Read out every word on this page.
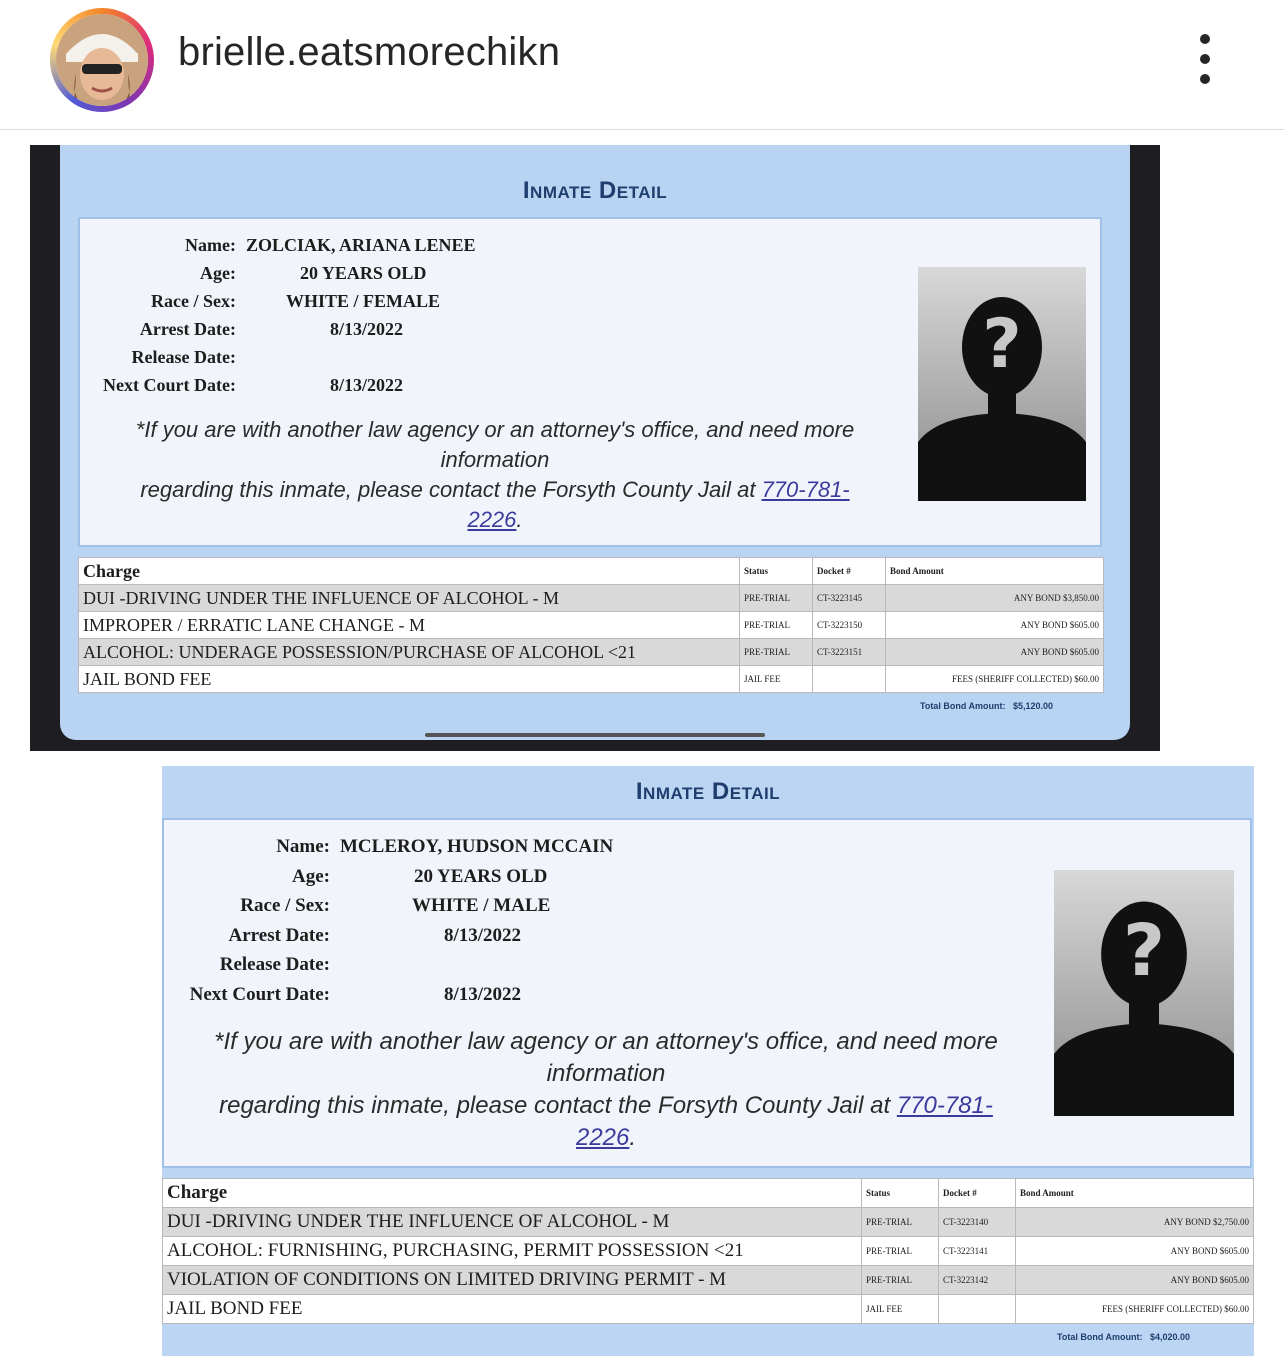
brielle.eatsmorechikn
Inmate Detail
Name: ZOLCIAK, ARIANA LENEE
Age:	20 YEARS OLD
Race / Sex:	WHITE / FEMALE
Arrest Date:	8/13/2022
Release Date:
Next Court Date:	8/13/2022
*If you are with another law agency or an attorney's office, and need more
information
regarding this inmate, please contact the Forsyth County Jail at 770-781-
2226.
?
Charge	Status	Docket #	Bond Amount
DUI -DRIVING UNDER THE INFLUENCE OF ALCOHOL - M	PRE-TRIAL	CT-3223145	ANY BOND $3,850.00
IMPROPER / ERRATIC LANE CHANGE - M	PRE-TRIAL	CT-3223150	ANY BOND $605.00
ALCOHOL: UNDERAGE POSSESSION/PURCHASE OF ALCOHOL <21	PRE-TRIAL	CT-3223151	ANY BOND $605.00
JAIL BOND FEE	JAIL FEE		FEES (SHERIFF COLLECTED) $60.00
Total Bond Amount: $5,120.00
Inmate Detail
Name: MCLEROY, HUDSON MCCAIN
Age:	20 YEARS OLD
Race / Sex:	WHITE / MALE
Arrest Date:	8/13/2022
Release Date:
Next Court Date:	8/13/2022
*If you are with another law agency or an attorney's office, and need more
information
regarding this inmate, please contact the Forsyth County Jail at 770-781-
2226.
?
Charge	Status	Docket #	Bond Amount
DUI -DRIVING UNDER THE INFLUENCE OF ALCOHOL - M	PRE-TRIAL	CT-3223140	ANY BOND $2,750.00
ALCOHOL: FURNISHING, PURCHASING, PERMIT POSSESSION <21	PRE-TRIAL	CT-3223141	ANY BOND $605.00
VIOLATION OF CONDITIONS ON LIMITED DRIVING PERMIT - M	PRE-TRIAL	CT-3223142	ANY BOND $605.00
JAIL BOND FEE	JAIL FEE		FEES (SHERIFF COLLECTED) $60.00
Total Bond Amount: $4,020.00
